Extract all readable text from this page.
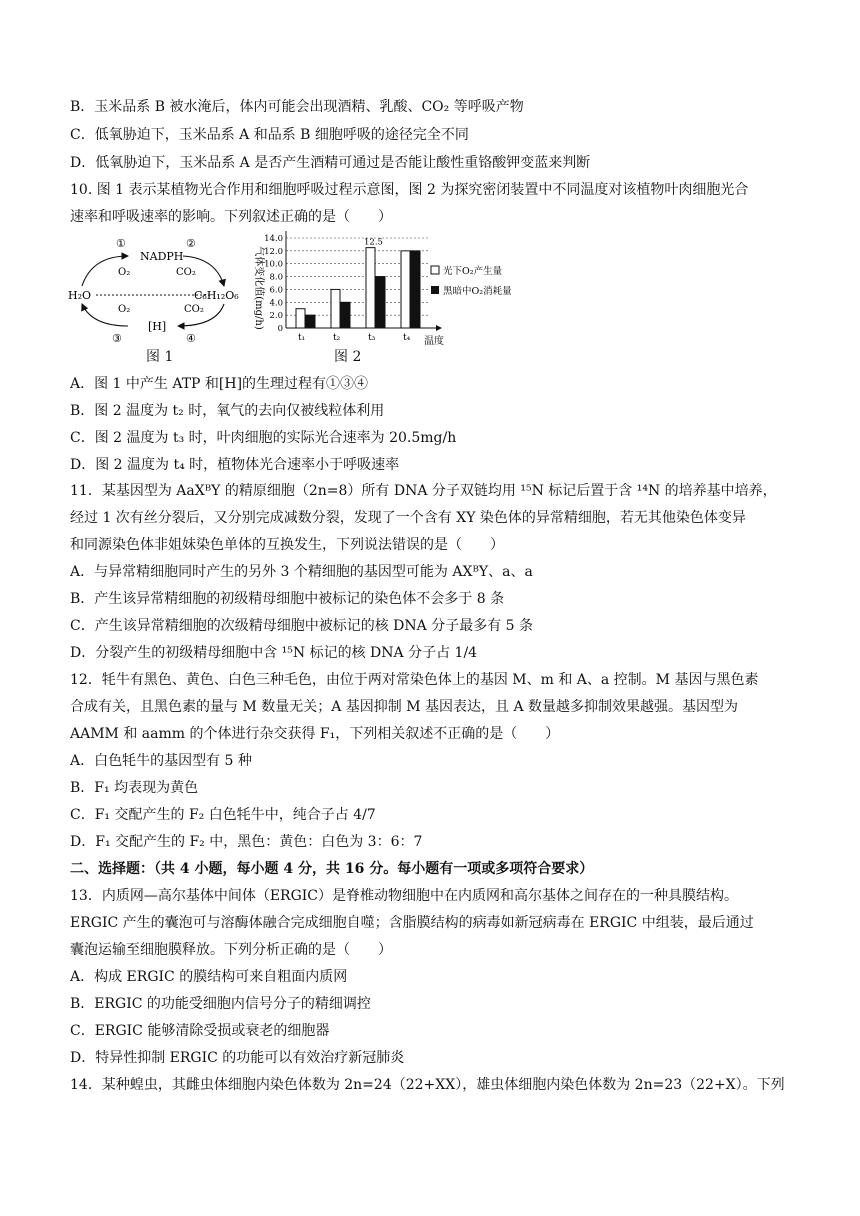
B．玉米品系 B 被水淹后，体内可能会出现酒精、乳酸、CO₂ 等呼吸产物
C．低氧胁迫下，玉米品系 A 和品系 B 细胞呼吸的途径完全不同
D．低氧胁迫下，玉米品系 A 是否产生酒精可通过是否能让酸性重铬酸钾变蓝来判断
10. 图 1 表示某植物光合作用和细胞呼吸过程示意图，图 2 为探究密闭装置中不同温度对该植物叶肉细胞光合
速率和呼吸速率的影响。下列叙述正确的是（　　）
①
NADPH
O₂
②
CO₂
H₂O	C₆H₁₂O₆
O₂	CO₂
[H]
③	④
图 1
气体变化值(mg/h) 0
2.0
4.0
6.0
8.0
10.0
12.0
14.0	12.5
t₁	t₂	t₃	t₄ 温度
光下O₂产生量
黑暗中O₂消耗量
图 2
A．图 1 中产生 ATP 和[H]的生理过程有①③④
B．图 2 温度为 t₂ 时，氧气的去向仅被线粒体利用
C．图 2 温度为 t₃ 时，叶肉细胞的实际光合速率为 20.5mg/h
D．图 2 温度为 t₄ 时，植物体光合速率小于呼吸速率
11．某基因型为 AaXᴮY 的精原细胞（2n=8）所有 DNA 分子双链均用 ¹⁵N 标记后置于含 ¹⁴N 的培养基中培养，
经过 1 次有丝分裂后，又分别完成减数分裂，发现了一个含有 XY 染色体的异常精细胞，若无其他染色体变异
和同源染色体非姐妹染色单体的互换发生，下列说法错误的是（　　）
A．与异常精细胞同时产生的另外 3 个精细胞的基因型可能为 AXᴮY、a、a
B．产生该异常精细胞的初级精母细胞中被标记的染色体不会多于 8 条
C．产生该异常精细胞的次级精母细胞中被标记的核 DNA 分子最多有 5 条
D．分裂产生的初级精母细胞中含 ¹⁵N 标记的核 DNA 分子占 1/4
12．牦牛有黑色、黄色、白色三种毛色，由位于两对常染色体上的基因 M、m 和 A、a 控制。M 基因与黑色素
合成有关，且黑色素的量与 M 数量无关；A 基因抑制 M 基因表达，且 A 数量越多抑制效果越强。基因型为
AAMM 和 aamm 的个体进行杂交获得 F₁，下列相关叙述不正确的是（　　）
A．白色牦牛的基因型有 5 种
B．F₁ 均表现为黄色
C．F₁ 交配产生的 F₂ 白色牦牛中，纯合子占 4/7
D．F₁ 交配产生的 F₂ 中，黑色：黄色：白色为 3：6：7
二、选择题：（共 4 小题，每小题 4 分，共 16 分。每小题有一项或多项符合要求）
13．内质网—高尔基体中间体（ERGIC）是脊椎动物细胞中在内质网和高尔基体之间存在的一种具膜结构。
ERGIC 产生的囊泡可与溶酶体融合完成细胞自噬；含脂膜结构的病毒如新冠病毒在 ERGIC 中组装，最后通过
囊泡运输至细胞膜释放。下列分析正确的是（　　）
A．构成 ERGIC 的膜结构可来自粗面内质网
B．ERGIC 的功能受细胞内信号分子的精细调控
C．ERGIC 能够清除受损或衰老的细胞器
D．特异性抑制 ERGIC 的功能可以有效治疗新冠肺炎
14．某种蝗虫，其雌虫体细胞内染色体数为 2n=24（22+XX），雄虫体细胞内染色体数为 2n=23（22+X）。下列
